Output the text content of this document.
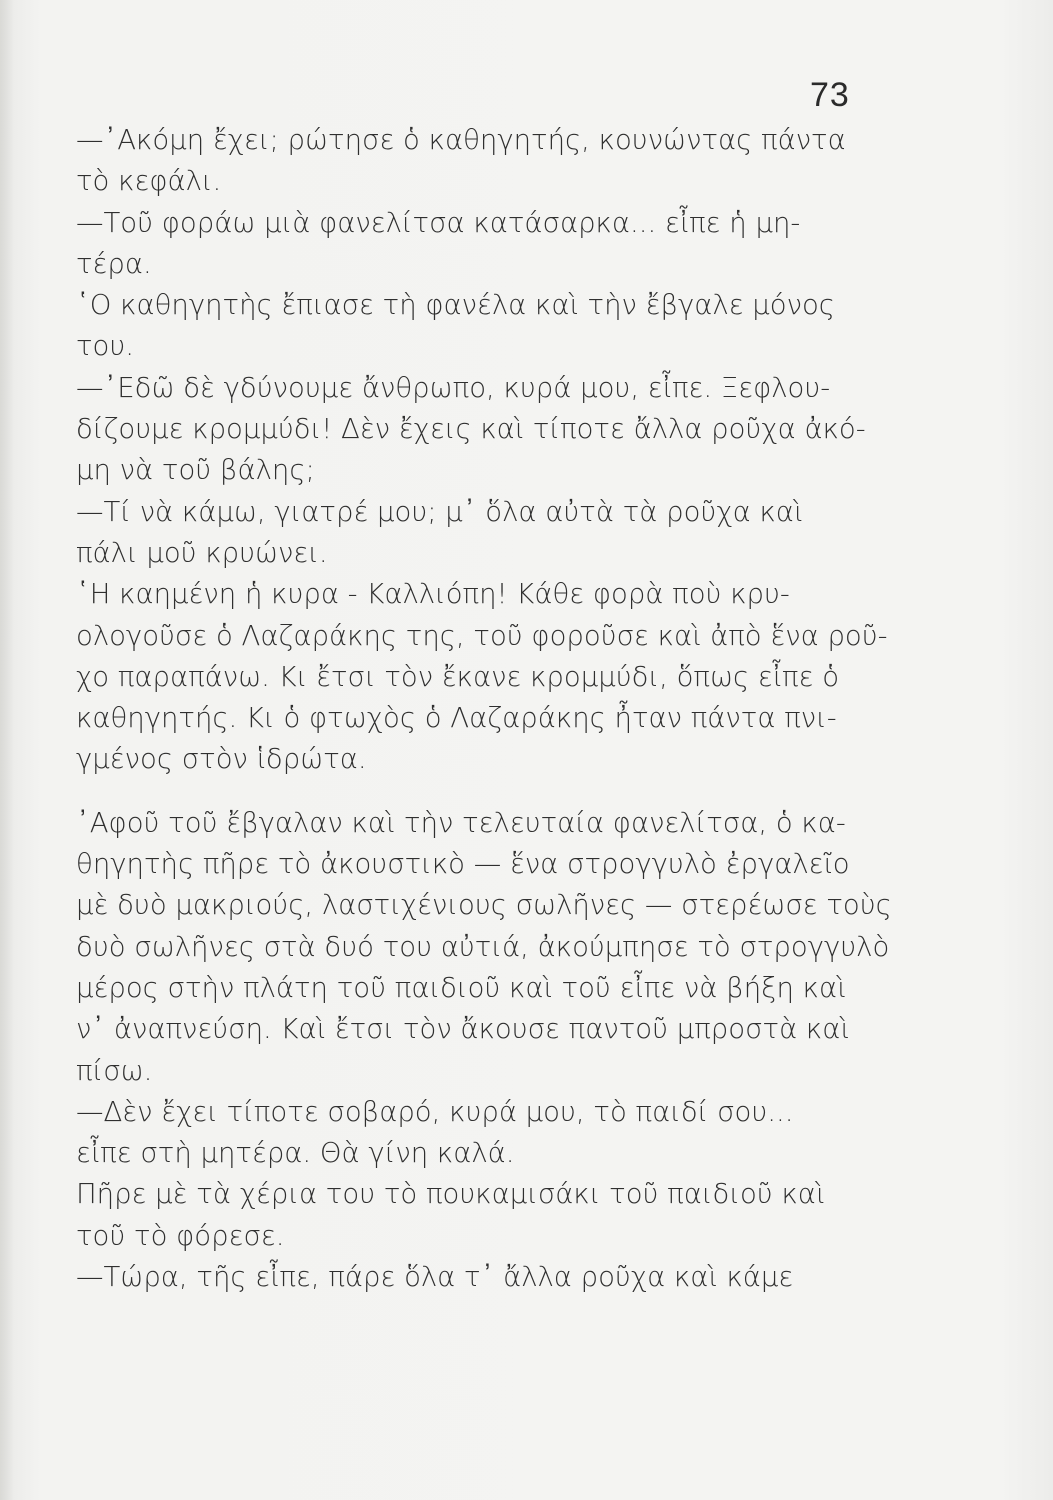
73
—᾿Ακόμη ἔχει; ρώτησε ὁ καθηγητής, κουνώντας πάντα
τὸ κεφάλι.
—Τοῦ φοράω μιὰ φανελίτσα κατάσαρκα... εἶπε ἡ μη-
τέρα.
῾Ο καθηγητὴς ἔπιασε τὴ φανέλα καὶ τὴν ἔβγαλε μόνος
του.
—᾿Εδῶ δὲ γδύνουμε ἄνθρωπο, κυρά μου, εἶπε. Ξεφλου-
δίζουμε κρομμύδι! Δὲν ἔχεις καὶ τίποτε ἄλλα ροῦχα ἀκό-
μη νὰ τοῦ βάλης;
—Τί νὰ κάμω, γιατρέ μου; μ᾿ ὅλα αὐτὰ τὰ ροῦχα καὶ
πάλι μοῦ κρυώνει.
῾Η καημένη ἡ κυρα - Καλλιόπη! Κάθε φορὰ ποὺ κρυ-
ολογοῦσε ὁ Λαζαράκης της, τοῦ φοροῦσε καὶ ἀπὸ ἕνα ροῦ-
χο παραπάνω. Κι ἔτσι τὸν ἔκανε κρομμύδι, ὅπως εἶπε ὁ
καθηγητής. Κι ὁ φτωχὸς ὁ Λαζαράκης ἦταν πάντα πνι-
γμένος στὸν ἱδρώτα.
᾿Αφοῦ τοῦ ἔβγαλαν καὶ τὴν τελευταία φανελίτσα, ὁ κα-
θηγητὴς πῆρε τὸ ἀκουστικὸ — ἕνα στρογγυλὸ ἐργαλεῖο
μὲ δυὸ μακριούς, λαστιχένιους σωλῆνες — στερέωσε τοὺς
δυὸ σωλῆνες στὰ δυό του αὐτιά, ἀκούμπησε τὸ στρογγυλὸ
μέρος στὴν πλάτη τοῦ παιδιοῦ καὶ τοῦ εἶπε νὰ βήξη καὶ
ν᾿ ἀναπνεύση. Καὶ ἔτσι τὸν ἄκουσε παντοῦ μπροστὰ καὶ
πίσω.
—Δὲν ἔχει τίποτε σοβαρό, κυρά μου, τὸ παιδί σου...
εἶπε στὴ μητέρα. Θὰ γίνη καλά.
Πῆρε μὲ τὰ χέρια του τὸ πουκαμισάκι τοῦ παιδιοῦ καὶ
τοῦ τὸ φόρεσε.
—Τώρα, τῆς εἶπε, πάρε ὅλα τ᾿ ἄλλα ροῦχα καὶ κάμε
